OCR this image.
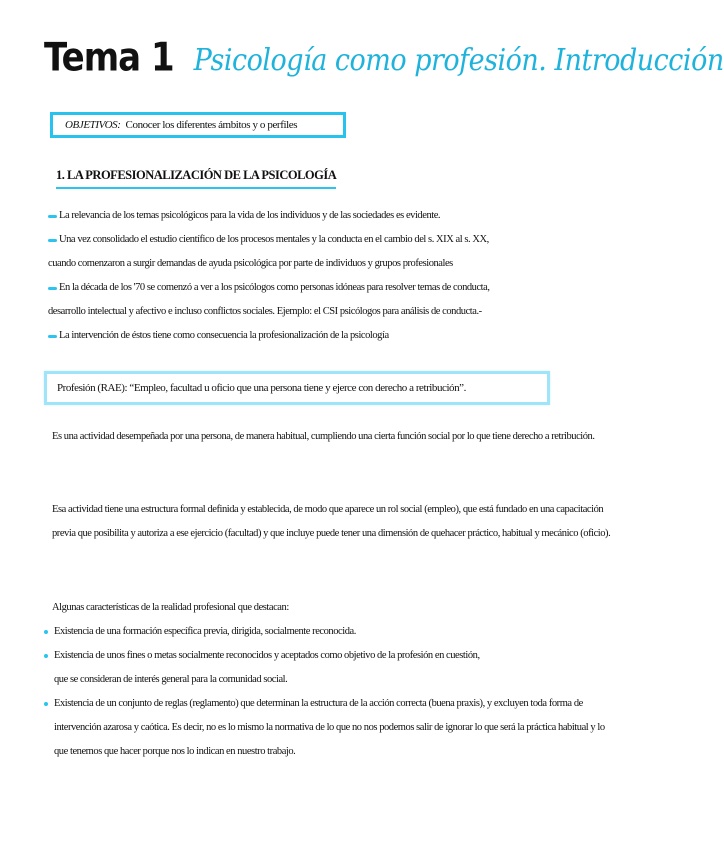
Tema 1 Psicología como profesión. Introducción
OBJETIVOS: Conocer los diferentes ámbitos y o perfiles
1. LA PROFESIONALIZACIÓN DE LA PSICOLOGÍA
La relevancia de los temas psicológicos para la vida de los individuos y de las sociedades es evidente.
Una vez consolidado el estudio científico de los procesos mentales y la conducta en el cambio del s. XIX al s. XX,
cuando comenzaron a surgir demandas de ayuda psicológica por parte de individuos y grupos profesionales
En la década de los '70 se comenzó a ver a los psicólogos como personas idóneas para resolver temas de conducta,
desarrollo intelectual y afectivo e incluso conflictos sociales. Ejemplo: el CSI psicólogos para análisis de conducta.-
La intervención de éstos tiene como consecuencia la profesionalización de la psicología
Profesión (RAE): “Empleo, facultad u oficio que una persona tiene y ejerce con derecho a retribución”.

Es una actividad desempeñada por una persona, de manera habitual, cumpliendo una cierta función social por lo que tiene derecho a retribución.

Esa actividad tiene una estructura formal definida y establecida, de modo que aparece un rol social (empleo), que está fundado en una capacitación previa que posibilita y autoriza a ese ejercicio (facultad) y que incluye puede tener una dimensión de quehacer práctico, habitual y mecánico (oficio).

Algunas características de la realidad profesional que destacan:

Existencia de una formación específica previa, dirigida, socialmente reconocida.
Existencia de unos fines o metas socialmente reconocidos y aceptados como objetivo de la profesión en cuestión,
que se consideran de interés general para la comunidad social.
Existencia de un conjunto de reglas (reglamento) que determinan la estructura de la acción correcta (buena praxis), y excluyen toda forma de intervención azarosa y caótica. Es decir, no es lo mismo la normativa de lo que no nos podemos salir de ignorar lo que será la práctica habitual y lo que tenemos que hacer porque nos lo indican en nuestro trabajo.
